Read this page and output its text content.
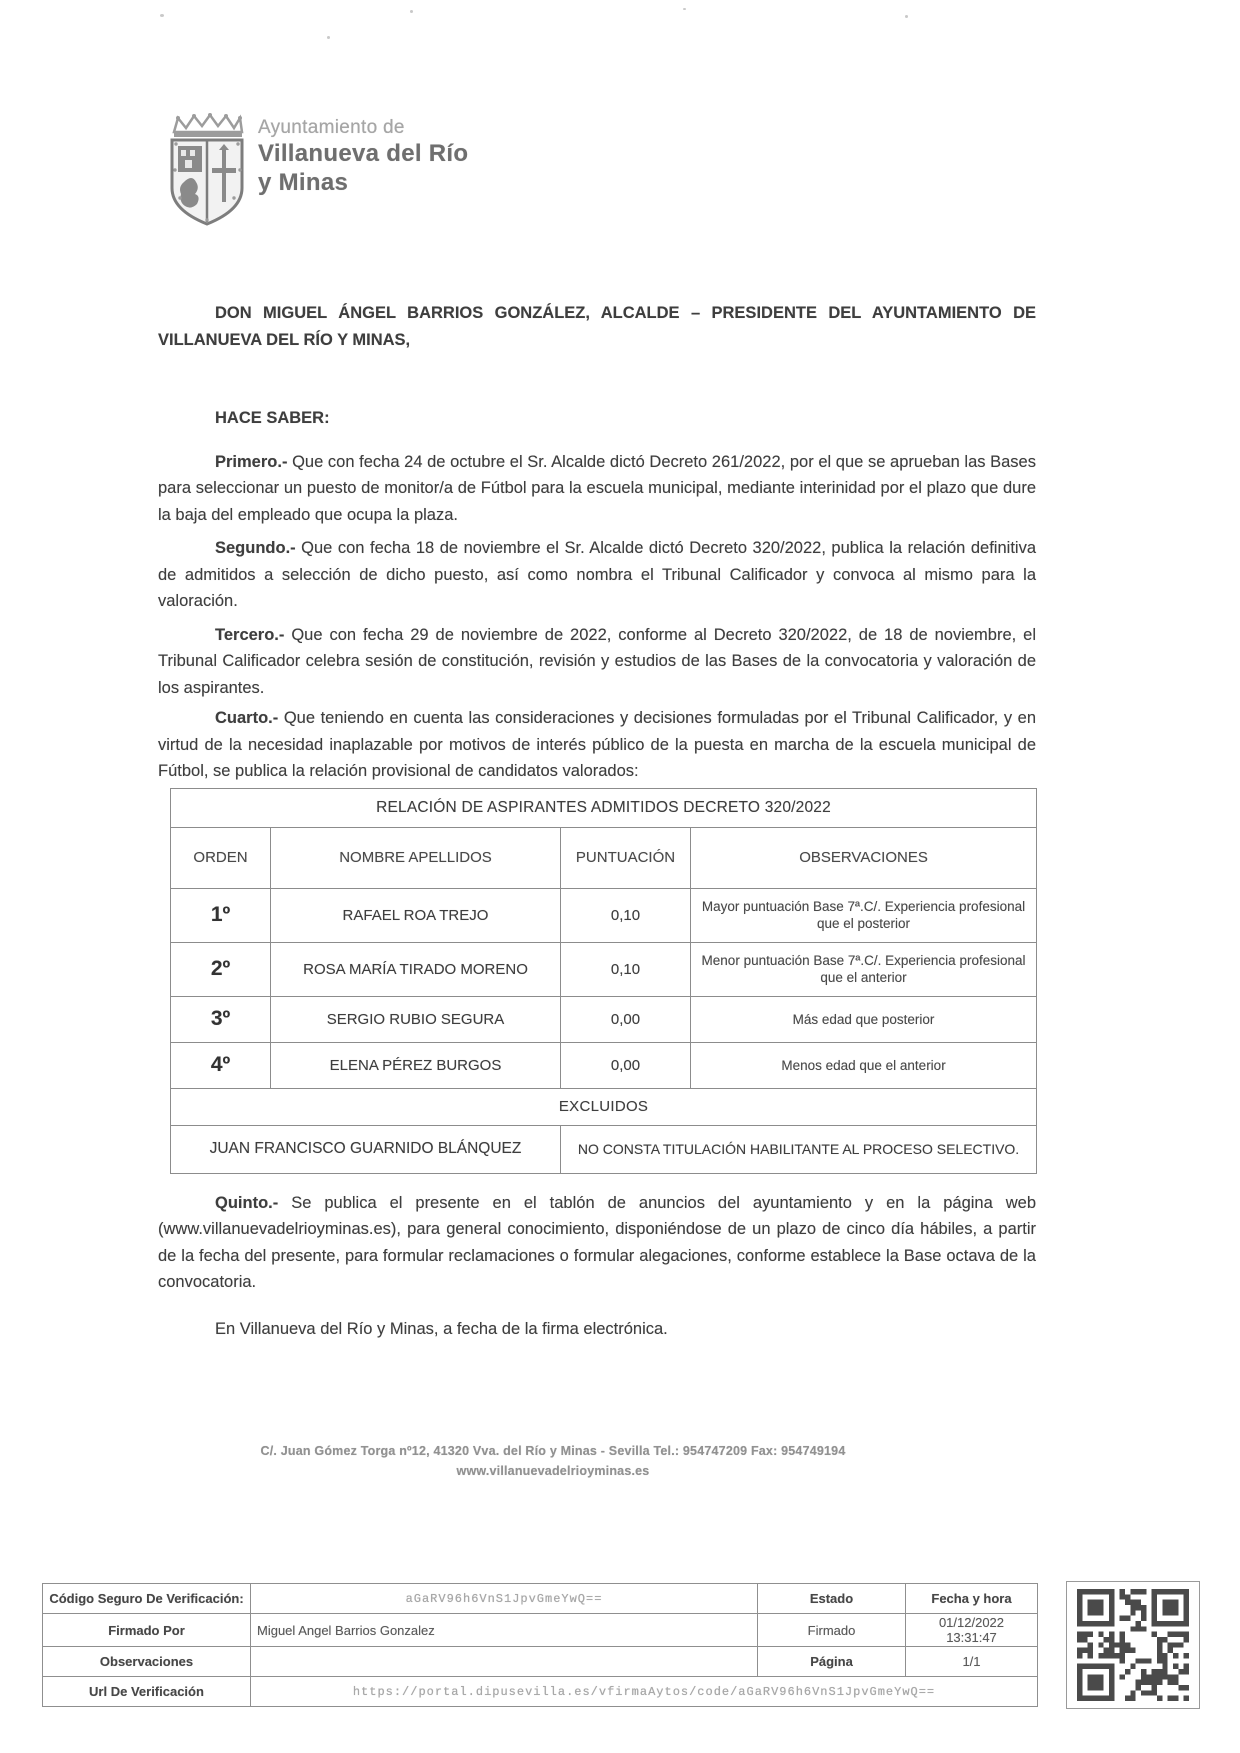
Ayuntamiento de
Villanueva del Río
y Minas

DON MIGUEL ÁNGEL BARRIOS GONZÁLEZ, ALCALDE – PRESIDENTE DEL AYUNTAMIENTO DE VILLANUEVA DEL RÍO Y MINAS,

HACE SABER:

Primero.- Que con fecha 24 de octubre el Sr. Alcalde dictó Decreto 261/2022, por el que se aprueban las Bases para seleccionar un puesto de monitor/a de Fútbol para la escuela municipal, mediante interinidad por el plazo que dure la baja del empleado que ocupa la plaza.

Segundo.- Que con fecha 18 de noviembre el Sr. Alcalde dictó Decreto 320/2022, publica la relación definitiva de admitidos a selección de dicho puesto, así como nombra el Tribunal Calificador y convoca al mismo para la valoración.

Tercero.- Que con fecha 29 de noviembre de 2022, conforme al Decreto 320/2022, de 18 de noviembre, el Tribunal Calificador celebra sesión de constitución, revisión y estudios de las Bases de la convocatoria y valoración de los aspirantes.

Cuarto.- Que teniendo en cuenta las consideraciones y decisiones formuladas por el Tribunal Calificador, y en virtud de la necesidad inaplazable por motivos de interés público de la puesta en marcha de la escuela municipal de Fútbol, se publica la relación provisional de candidatos valorados:

RELACIÓN DE ASPIRANTES ADMITIDOS DECRETO 320/2022			
ORDEN	NOMBRE APELLIDOS	PUNTUACIÓN	OBSERVACIONES
1º	RAFAEL ROA TREJO	0,10	Mayor puntuación Base 7ª.C/. Experiencia profesional que el posterior
2º	ROSA MARÍA TIRADO MORENO	0,10	Menor puntuación Base 7ª.C/. Experiencia profesional que el anterior
3º	SERGIO RUBIO SEGURA	0,00	Más edad que posterior
4º	ELENA PÉREZ BURGOS	0,00	Menos edad que el anterior
EXCLUIDOS			
JUAN FRANCISCO GUARNIDO BLÁNQUEZ		NO CONSTA TITULACIÓN HABILITANTE AL PROCESO SELECTIVO.	

Quinto.- Se publica el presente en el tablón de anuncios del ayuntamiento y en la página web (www.villanuevadelrioyminas.es), para general conocimiento, disponiéndose de un plazo de cinco día hábiles, a partir de la fecha del presente, para formular reclamaciones o formular alegaciones, conforme establece la Base octava de la convocatoria.

En Villanueva del Río y Minas, a fecha de la firma electrónica.

C/. Juan Gómez Torga nº12, 41320 Vva. del Río y Minas - Sevilla Tel.: 954747209 Fax: 954749194
www.villanuevadelrioyminas.es
Código Seguro De Verificación:	aGaRV96h6VnS1JpvGmeYwQ==	Estado	Fecha y hora
Firmado Por	Miguel Angel Barrios Gonzalez	Firmado	01/12/2022 13:31:47
Observaciones		Página	1/1
Url De Verificación	https://portal.dipusevilla.es/vfirmaAytos/code/aGaRV96h6VnS1JpvGmeYwQ==		
